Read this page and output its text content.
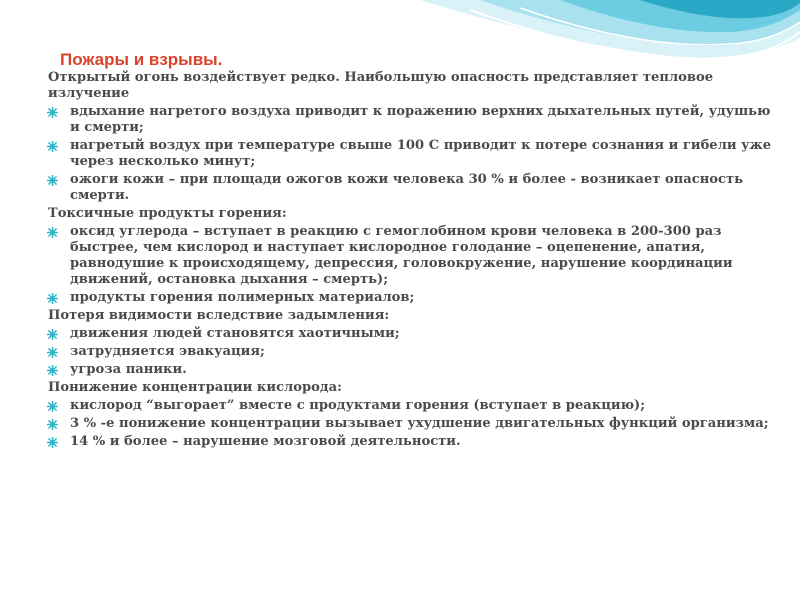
Пожары и взрывы.

Открытый огонь воздействует редко. Наибольшую опасность представляет тепловое излучение

вдыхание нагретого воздуха приводит к поражению верхних дыхательных путей, удушью и смерти;

нагретый воздух при температуре свыше 100 С приводит к потере сознания и гибели уже через несколько минут;

ожоги кожи – при площади ожогов кожи человека 30 % и более - возникает опасность смерти.

Токсичные продукты горения:

оксид углерода – вступает в реакцию с гемоглобином крови человека в 200-300 раз быстрее, чем кислород и наступает кислородное голодание – оцепенение, апатия, равнодушие к происходящему, депрессия, головокружение, нарушение координации движений, остановка дыхания – смерть);

продукты горения полимерных материалов;

Потеря видимости вследствие задымления:

движения людей становятся хаотичными;

затрудняется эвакуация;

угроза паники.

Понижение концентрации кислорода:

кислород “выгорает” вместе с продуктами горения (вступает в реакцию);

3 % -е понижение концентрации вызывает ухудшение двигательных функций организма;

14 % и более – нарушение мозговой деятельности.
